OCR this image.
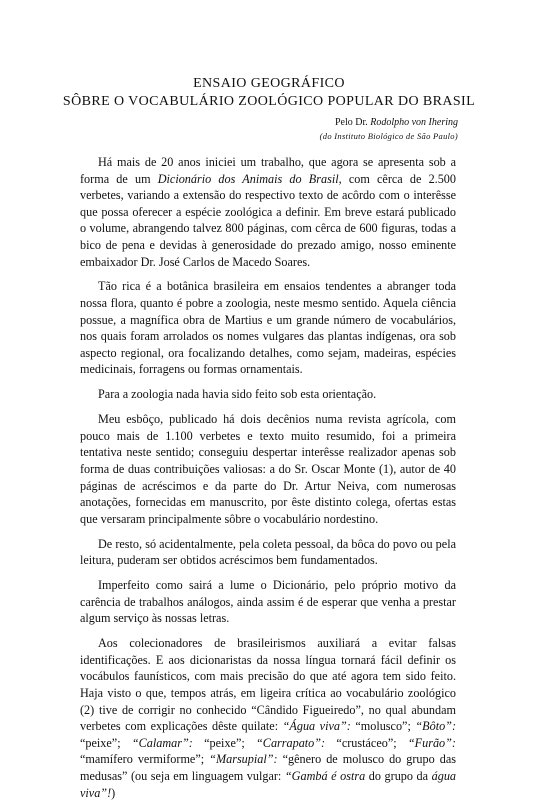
ENSAIO GEOGRÁFICO
SÔBRE O VOCABULÁRIO ZOOLÓGICO POPULAR DO BRASIL
Pelo Dr. Rodolpho von Ihering
(do Instituto Biológico de São Paulo)

Há mais de 20 anos iniciei um trabalho, que agora se apresenta sob a forma de um Dicionário dos Animais do Brasil, com cêrca de 2.500 verbetes, variando a extensão do respectivo texto de acôrdo com o interêsse que possa oferecer a espécie zoológica a definir. Em breve estará publicado o volume, abrangendo talvez 800 páginas, com cêrca de 600 figuras, todas a bico de pena e devidas à generosidade do prezado amigo, nosso eminente embaixador Dr. José Carlos de Macedo Soares.

Tão rica é a botânica brasileira em ensaios tendentes a abranger toda nossa flora, quanto é pobre a zoologia, neste mesmo sentido. Aquela ciência possue, a magnífica obra de Martius e um grande número de vocabulários, nos quais foram arrolados os nomes vulgares das plantas indígenas, ora sob aspecto regional, ora focalizando detalhes, como sejam, madeiras, espécies medicinais, forragens ou formas ornamentais.

Para a zoologia nada havia sido feito sob esta orientação.

Meu esbôço, publicado há dois decênios numa revista agrícola, com pouco mais de 1.100 verbetes e texto muito resumido, foi a primeira tentativa neste sentido; conseguiu despertar interêsse realizador apenas sob forma de duas contribuições valiosas: a do Sr. Oscar Monte (1), autor de 40 páginas de acréscimos e da parte do Dr. Artur Neiva, com numerosas anotações, fornecidas em manuscrito, por êste distinto colega, ofertas estas que versaram principalmente sôbre o vocabulário nordestino.

De resto, só acidentalmente, pela coleta pessoal, da bôca do povo ou pela leitura, puderam ser obtidos acréscimos bem fundamentados.

Imperfeito como sairá a lume o Dicionário, pelo próprio motivo da carência de trabalhos análogos, ainda assim é de esperar que venha a prestar algum serviço às nossas letras.

Aos colecionadores de brasileirismos auxiliará a evitar falsas identificações. E aos dicionaristas da nossa língua tornará fácil definir os vocábulos faunísticos, com mais precisão do que até agora tem sido feito. Haja visto o que, tempos atrás, em ligeira crítica ao vocabulário zoológico (2) tive de corrigir no conhecido “Cândido Figueiredo”, no qual abundam verbetes com explicações dêste quilate: “Água viva”: “molusco”; “Bôto”: “peixe”; “Calamar”: “peixe”; “Carrapato”: “crustáceo”; “Furão”: “mamífero vermiforme”; “Marsupial”: “gênero de molusco do grupo das medusas” (ou seja em linguagem vulgar: “Gambá é ostra do grupo da água viva”!)
